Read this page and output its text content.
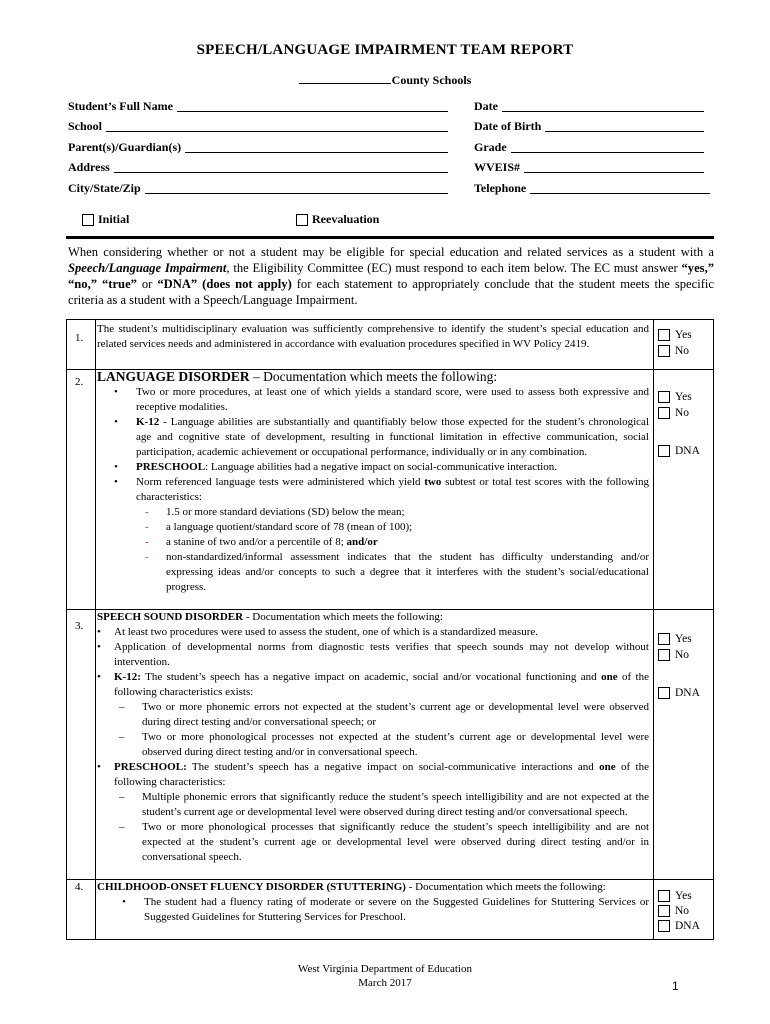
SPEECH/LANGUAGE IMPAIRMENT TEAM REPORT
County Schools
Student’s Full Name
School
Parent(s)/Guardian(s)
Address
City/State/Zip
Date
Date of Birth
Grade
WVEIS#
Telephone
Initial	Reevaluation
When considering whether or not a student may be eligible for special education and related services as a student with a Speech/Language Impairment, the Eligibility Committee (EC) must respond to each item below. The EC must answer “yes,” “no,” “true” or “DNA” (does not apply) for each statement to appropriately conclude that the student meets the specific criteria as a student with a Speech/Language Impairment.
1.
The student’s multidisciplinary evaluation was sufficiently comprehensive to identify the student’s special education and related services needs and administered in accordance with evaluation procedures specified in WV Policy 2419.
Yes
No
2. LANGUAGE DISORDER – Documentation which meets the following:

• Two or more procedures, at least one of which yields a standard score, were used to assess both expressive and receptive modalities.

• K-12 - Language abilities are substantially and quantifiably below those expected for the student’s chronological age and cognitive state of development, resulting in functional limitation in effective communication, social participation, academic achievement or occupational performance, individually or in any combination.

• PRESCHOOL: Language abilities had a negative impact on social-communicative interaction.

• Norm referenced language tests were administered which yield two subtest or total test scores with the following characteristics:

- 1.5 or more standard deviations (SD) below the mean;

- a language quotient/standard score of 78 (mean of 100);

- a stanine of two and/or a percentile of 8; and/or

- non-standardized/informal assessment indicates that the student has difficulty understanding and/or expressing ideas and/or concepts to such a degree that it interferes with the student’s social/educational progress.

Yes
No
DNA
3.

SPEECH SOUND DISORDER - Documentation which meets the following:

• At least two procedures were used to assess the student, one of which is a standardized measure.

• Application of developmental norms from diagnostic tests verifies that speech sounds may not develop without intervention.

• K-12: The student’s speech has a negative impact on academic, social and/or vocational functioning and one of the following characteristics exists:

– Two or more phonemic errors not expected at the student’s current age or developmental level were observed during direct testing and/or conversational speech; or

– Two or more phonological processes not expected at the student’s current age or developmental level were observed during direct testing and/or in conversational speech.

• PRESCHOOL: The student’s speech has a negative impact on social-communicative interactions and one of the following characteristics:

– Multiple phonemic errors that significantly reduce the student’s speech intelligibility and are not expected at the student’s current age or developmental level were observed during direct testing and/or conversational speech.

– Two or more phonological processes that significantly reduce the student’s speech intelligibility and are not expected at the student’s current age or developmental level were observed during direct testing and/or in conversational speech.

Yes
No
DNA
4. CHILDHOOD-ONSET FLUENCY DISORDER (STUTTERING) - Documentation which meets the following:

• The student had a fluency rating of moderate or severe on the Suggested Guidelines for Stuttering Services or Suggested Guidelines for Stuttering Services for Preschool.

Yes
No
DNA
West Virginia Department of Education
March 2017	1
